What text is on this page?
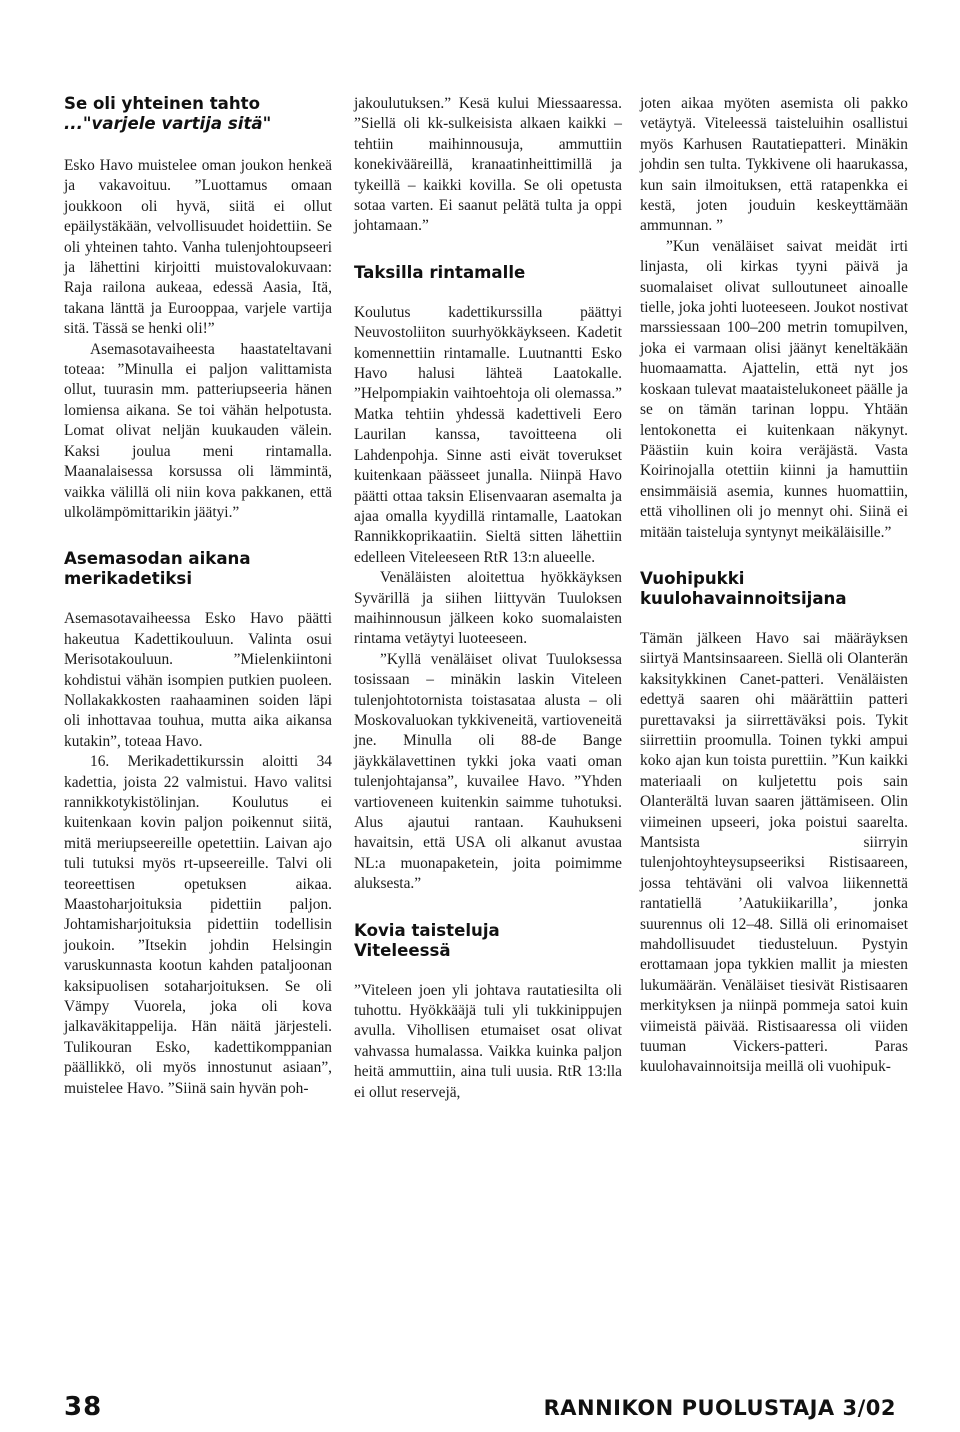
Se oli yhteinen tahto

..."varjele vartija sitä"

Esko Havo muistelee oman joukon henkeä ja vakavoituu. ”Luottamus omaan joukkoon oli hyvä, siitä ei ollut epäilystäkään, velvollisuudet hoidettiin. Se oli yhteinen tahto. Vanha tulenjohtoupseeri ja lähettini kirjoitti muistovalokuvaan: Raja railona aukeaa, edessä Aasia, Itä, takana länttä ja Eurooppaa, varjele vartija sitä. Tässä se henki oli!”

Asemasotavaiheesta haastateltavani toteaa: ”Minulla ei paljon valittamista ollut, tuurasin mm. patteriupseeria hänen lomiensa aikana. Se toi vähän helpotusta. Lomat olivat neljän kuukauden välein. Kaksi joulua meni rintamalla. Maanalaisessa korsussa oli lämmintä, vaikka välillä oli niin kova pakkanen, että ulkolämpömittarikin jäätyi.”

Asemasodan aikana
merikadetiksi

Asemasotavaiheessa Esko Havo päätti hakeutua Kadettikouluun. Valinta osui Merisotakouluun. ”Mielenkiintoni kohdistui vähän isompien putkien puoleen. Nollakakkosten raahaaminen soiden läpi oli inhottavaa touhua, mutta aika aikansa kutakin”, toteaa Havo.

16. Merikadettikurssin aloitti 34 kadettia, joista 22 valmistui. Havo valitsi rannikkotykistölinjan. Koulutus ei kuitenkaan kovin paljon poikennut siitä, mitä meriupseereille opetettiin. Laivan ajo tuli tutuksi myös rt-upseereille. Talvi oli teoreettisen opetuksen aikaa. Maastoharjoituksia pidettiin paljon. Johtamisharjoituksia pidettiin todellisin joukoin. ”Itsekin johdin Helsingin varuskunnasta kootun kahden pataljoonan kaksipuolisen sotaharjoituksen. Se oli Vämpy Vuorela, joka oli kova jalkaväkitappelija. Hän näitä järjesteli. Tulikouran Esko, kadettikomppanian päällikkö, oli myös innostunut asiaan”, muistelee Havo. ”Siinä sain hyvän poh-

jakoulutuksen.” Kesä kului Miessaaressa. ”Siellä oli kk-sulkeisista alkaen kaikki – tehtiin maihinnousuja, ammuttiin konekivääreillä, kranaatinheittimillä ja tykeillä – kaikki kovilla. Se oli opetusta sotaa varten. Ei saanut pelätä tulta ja oppi johtamaan.”

Taksilla rintamalle

Koulutus kadettikurssilla päättyi Neuvostoliiton suurhyökkäykseen. Kadetit komennettiin rintamalle. Luutnantti Esko Havo halusi lähteä Laatokalle. ”Helpompiakin vaihtoehtoja oli olemassa.” Matka tehtiin yhdessä kadettiveli Eero Laurilan kanssa, tavoitteena oli Lahdenpohja. Sinne asti eivät toverukset kuitenkaan päässeet junalla. Niinpä Havo päätti ottaa taksin Elisenvaaran asemalta ja ajaa omalla kyydillä rintamalle, Laatokan Rannikkoprikaatiin. Sieltä sitten lähettiin edelleen Viteleeseen RtR 13:n alueelle.

Venäläisten aloitettua hyökkäyksen Syvärillä ja siihen liittyvän Tuuloksen maihinnousun jälkeen koko suomalaisten rintama vetäytyi luoteeseen.

”Kyllä venäläiset olivat Tuuloksessa tosissaan – minäkin laskin Viteleen tulenjohtotornista toistasataa alusta – oli Moskovaluokan tykkiveneitä, vartioveneitä jne. Minulla oli 88-de Bange jäykkälavettinen tykki joka vaati oman tulenjohtajansa”, kuvailee Havo. ”Yhden vartioveneen kuitenkin saimme tuhotuksi. Alus ajautui rantaan. Kauhukseni havaitsin, että USA oli alkanut avustaa NL:a muonapaketein, joita poimimme aluksesta.”

Kovia taisteluja
Viteleessä

”Viteleen joen yli johtava rautatiesilta oli tuhottu. Hyökkääjä tuli yli tukkinippujen avulla. Vihollisen etumaiset osat olivat vahvassa humalassa. Vaikka kuinka paljon heitä ammuttiin, aina tuli uusia. RtR 13:lla ei ollut reservejä,

joten aikaa myöten asemista oli pakko vetäytyä. Viteleessä taisteluihin osallistui myös Karhusen Rautatiepatteri. Minäkin johdin sen tulta. Tykkivene oli haarukassa, kun sain ilmoituksen, että ratapenkka ei kestä, joten jouduin keskeyttämään ammunnan. ”

”Kun venäläiset saivat meidät irti linjasta, oli kirkas tyyni päivä ja suomalaiset olivat sulloutuneet ainoalle tielle, joka johti luoteeseen. Joukot nostivat marssiessaan 100–200 metrin tomupilven, joka ei varmaan olisi jäänyt keneltäkään huomaamatta. Ajattelin, että nyt jos koskaan tulevat maataistelukoneet päälle ja se on tämän tarinan loppu. Yhtään lentokonetta ei kuitenkaan näkynyt. Päästiin kuin koira veräjästä. Vasta Koirinojalla otettiin kiinni ja hamuttiin ensimmäisiä asemia, kunnes huomattiin, että vihollinen oli jo mennyt ohi. Siinä ei mitään taisteluja syntynyt meikäläisille.”

Vuohipukki
kuulohavainnoitsijana

Tämän jälkeen Havo sai määräyksen siirtyä Mantsinsaareen. Siellä oli Olanterän kaksitykkinen Canet-patteri. Venäläisten edettyä saaren ohi määrättiin patteri purettavaksi ja siirrettäväksi pois. Tykit siirrettiin proomulla. Toinen tykki ampui koko ajan kun toista purettiin. ”Kun kaikki materiaali on kuljetettu pois sain Olanterältä luvan saaren jättämiseen. Olin viimeinen upseeri, joka poistui saarelta. Mantsista siirryin tulenjohtoyhteysupseeriksi Ristisaareen, jossa tehtäväni oli valvoa liikennettä rantatiellä ’Aatukiikarilla’, jonka suurennus oli 12–48. Sillä oli erinomaiset mahdollisuudet tiedusteluun. Pystyin erottamaan jopa tykkien mallit ja miesten lukumäärän. Venäläiset tiesivät Ristisaaren merkityksen ja niinpä pommeja satoi kuin viimeistä päivää. Ristisaaressa oli viiden tuuman Vickers-patteri. Paras kuulohavainnoitsija meillä oli vuohipuk-

38	RANNIKON PUOLUSTAJA 3/02
